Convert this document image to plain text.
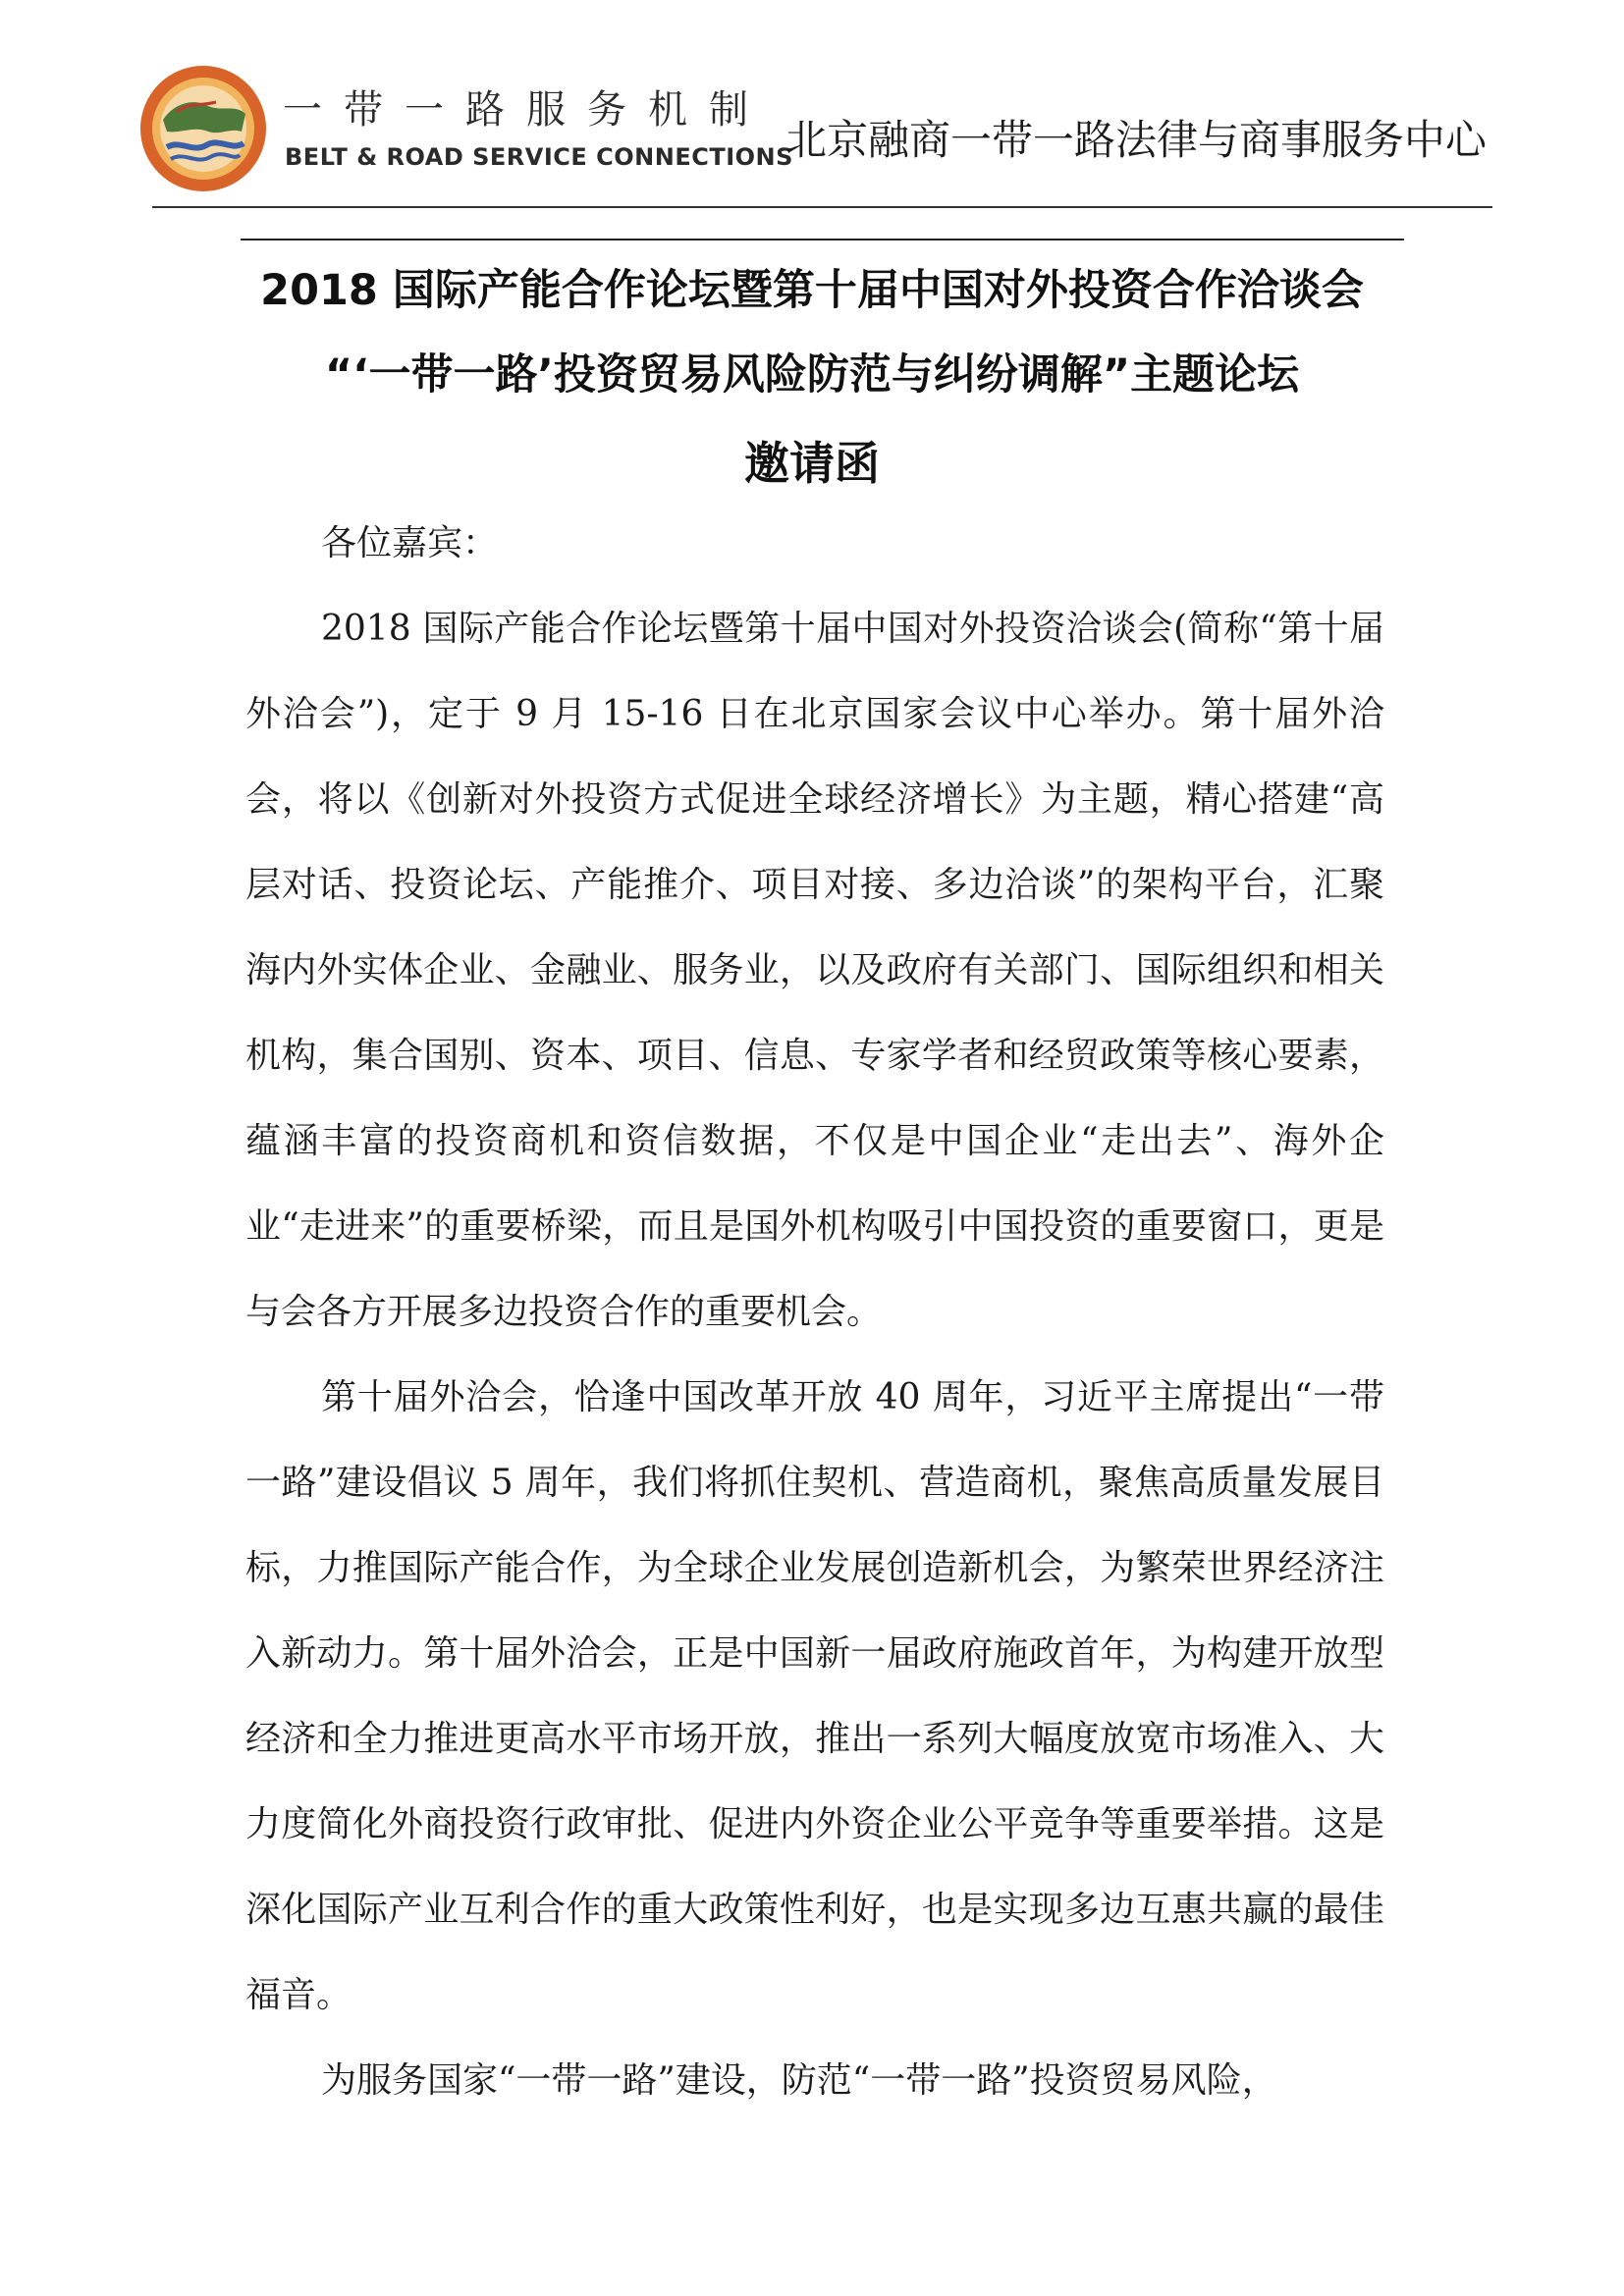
一带一路服务机制
BELT & ROAD SERVICE CONNECTIONS
北京融商一带一路法律与商事服务中心
2018 国际产能合作论坛暨第十届中国对外投资合作洽谈会
“‘一带一路’投资贸易风险防范与纠纷调解”主题论坛
邀请函
各位嘉宾：

2018 国际产能合作论坛暨第十届中国对外投资洽谈会(简称“第十届外洽会”)，定于 9 月 15-16 日在北京国家会议中心举办。第十届外洽会，将以《创新对外投资方式促进全球经济增长》为主题，精心搭建“高层对话、投资论坛、产能推介、项目对接、多边洽谈”的架构平台，汇聚海内外实体企业、金融业、服务业，以及政府有关部门、国际组织和相关机构，集合国别、资本、项目、信息、专家学者和经贸政策等核心要素，蕴涵丰富的投资商机和资信数据，不仅是中国企业“走出去”、海外企业“走进来”的重要桥梁，而且是国外机构吸引中国投资的重要窗口，更是与会各方开展多边投资合作的重要机会。

第十届外洽会，恰逢中国改革开放 40 周年，习近平主席提出“一带一路”建设倡议 5 周年，我们将抓住契机、营造商机，聚焦高质量发展目标，力推国际产能合作，为全球企业发展创造新机会，为繁荣世界经济注入新动力。第十届外洽会，正是中国新一届政府施政首年，为构建开放型经济和全力推进更高水平市场开放，推出一系列大幅度放宽市场准入、大力度简化外商投资行政审批、促进内外资企业公平竞争等重要举措。这是深化国际产业互利合作的重大政策性利好，也是实现多边互惠共赢的最佳福音。

为服务国家“一带一路”建设，防范“一带一路”投资贸易风险，
